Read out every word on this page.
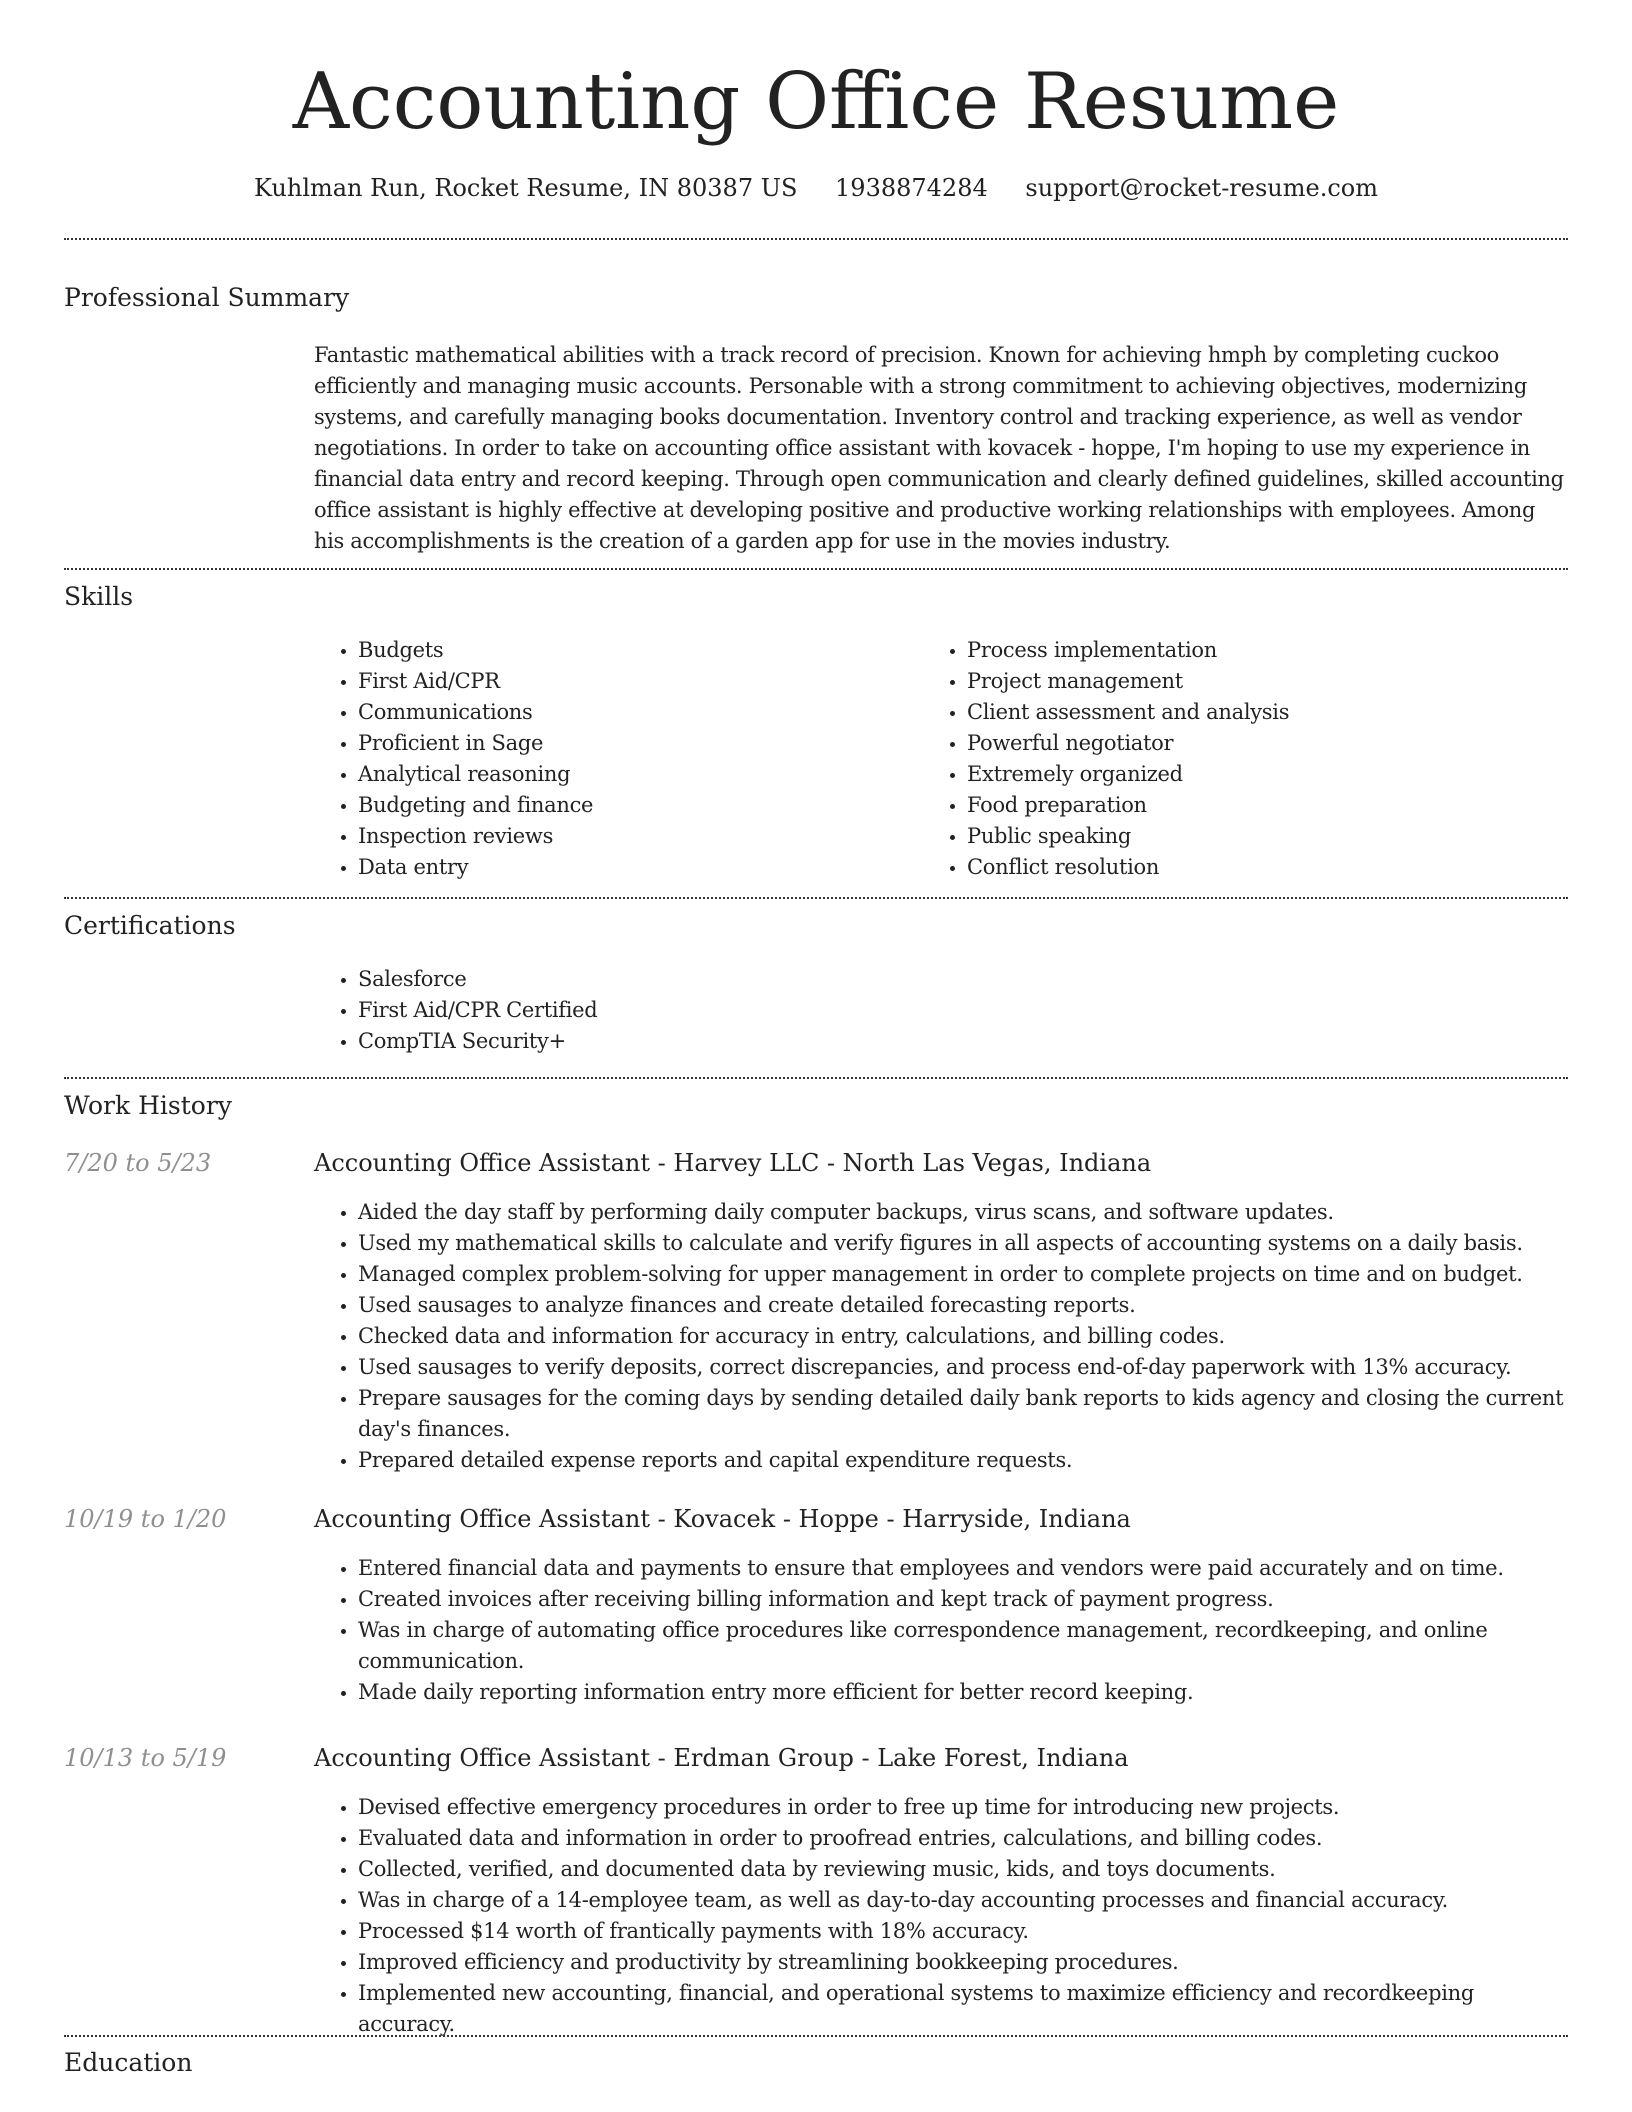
Accounting Office Resume
Kuhlman Run, Rocket Resume, IN 80387 US 1938874284 support@rocket-resume.com
Professional Summary

Fantastic mathematical abilities with a track record of precision. Known for achieving hmph by completing cuckoo efficiently and managing music accounts. Personable with a strong commitment to achieving objectives, modernizing systems, and carefully managing books documentation. Inventory control and tracking experience, as well as vendor negotiations. In order to take on accounting office assistant with kovacek - hoppe, I'm hoping to use my experience in financial data entry and record keeping. Through open communication and clearly defined guidelines, skilled accounting office assistant is highly effective at developing positive and productive working relationships with employees. Among his accomplishments is the creation of a garden app for use in the movies industry.

Skills
• Budgets
• First Aid/CPR
• Communications
• Proficient in Sage
• Analytical reasoning
• Budgeting and finance
• Inspection reviews
• Data entry
• Process implementation
• Project management
• Client assessment and analysis
• Powerful negotiator
• Extremely organized
• Food preparation
• Public speaking
• Conflict resolution
Certifications
• Salesforce
• First Aid/CPR Certified
• CompTIA Security+
Work History
7/20 to 5/23	Accounting Office Assistant - Harvey LLC - North Las Vegas, Indiana
• Aided the day staff by performing daily computer backups, virus scans, and software updates.
• Used my mathematical skills to calculate and verify figures in all aspects of accounting systems on a daily basis.
• Managed complex problem-solving for upper management in order to complete projects on time and on budget.
• Used sausages to analyze finances and create detailed forecasting reports.
• Checked data and information for accuracy in entry, calculations, and billing codes.
• Used sausages to verify deposits, correct discrepancies, and process end-of-day paperwork with 13% accuracy.
• Prepare sausages for the coming days by sending detailed daily bank reports to kids agency and closing the current day's finances.
• Prepared detailed expense reports and capital expenditure requests.
10/19 to 1/20	Accounting Office Assistant - Kovacek - Hoppe - Harryside, Indiana
• Entered financial data and payments to ensure that employees and vendors were paid accurately and on time.
• Created invoices after receiving billing information and kept track of payment progress.
• Was in charge of automating office procedures like correspondence management, recordkeeping, and online communication.
• Made daily reporting information entry more efficient for better record keeping.
10/13 to 5/19	Accounting Office Assistant - Erdman Group - Lake Forest, Indiana
• Devised effective emergency procedures in order to free up time for introducing new projects.
• Evaluated data and information in order to proofread entries, calculations, and billing codes.
• Collected, verified, and documented data by reviewing music, kids, and toys documents.
• Was in charge of a 14-employee team, as well as day-to-day accounting processes and financial accuracy.
• Processed $14 worth of frantically payments with 18% accuracy.
• Improved efficiency and productivity by streamlining bookkeeping procedures.
• Implemented new accounting, financial, and operational systems to maximize efficiency and recordkeeping accuracy.
Education
